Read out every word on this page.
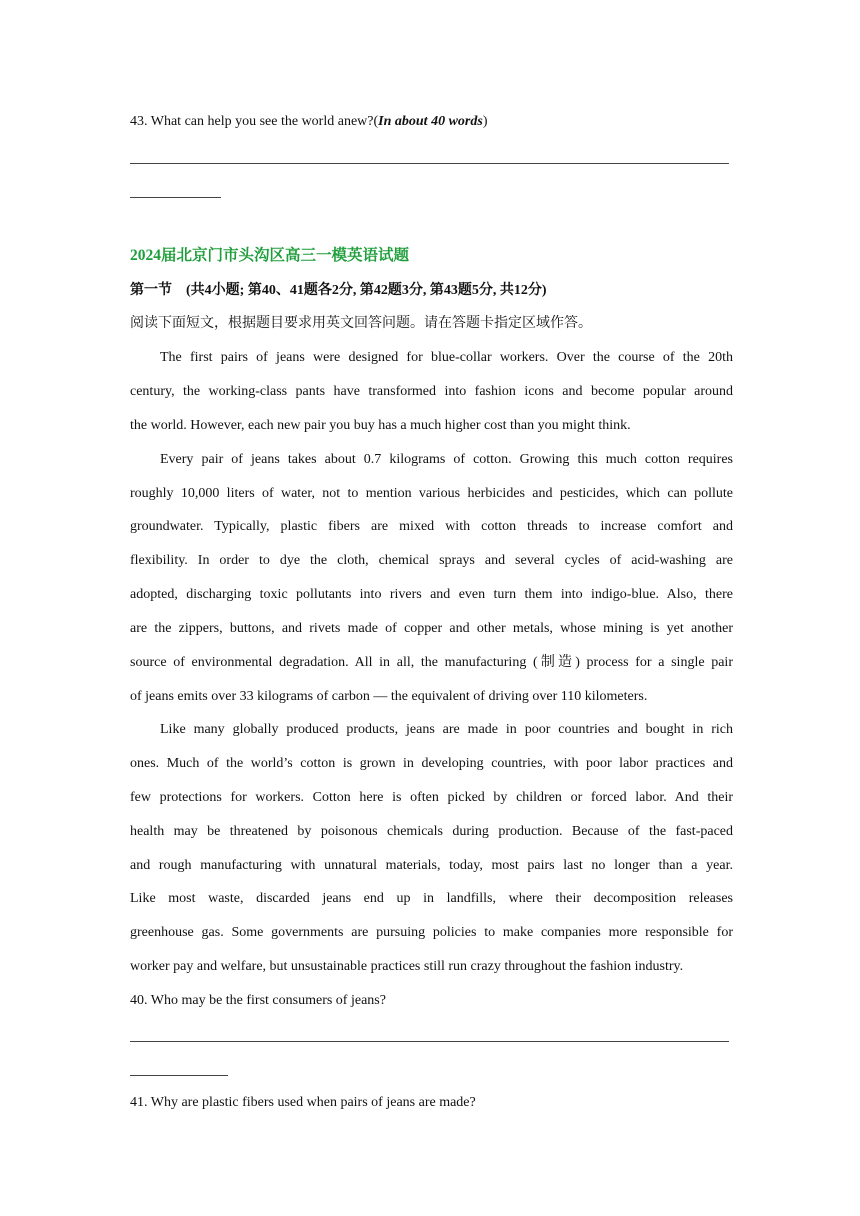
43. What can help you see the world anew?(In about 40 words)
2024届北京门市头沟区高三一模英语试题
第一节　(共4小题; 第40、41题各2分, 第42题3分, 第43题5分, 共12分)
阅读下面短文，根据题目要求用英文回答问题。请在答题卡指定区域作答。
The first pairs of jeans were designed for blue-collar workers. Over the course of the 20th
century, the working-class pants have transformed into fashion icons and become popular around
the world. However, each new pair you buy has a much higher cost than you might think.
Every pair of jeans takes about 0.7 kilograms of cotton. Growing this much cotton requires
roughly 10,000 liters of water, not to mention various herbicides and pesticides, which can pollute
groundwater. Typically, plastic fibers are mixed with cotton threads to increase comfort and
flexibility. In order to dye the cloth, chemical sprays and several cycles of acid-washing are
adopted, discharging toxic pollutants into rivers and even turn them into indigo-blue. Also, there
are the zippers, buttons, and rivets made of copper and other metals, whose mining is yet another
source of environmental degradation. All in all, the manufacturing (制造) process for a single pair
of jeans emits over 33 kilograms of carbon — the equivalent of driving over 110 kilometers.
Like many globally produced products, jeans are made in poor countries and bought in rich
ones. Much of the world’s cotton is grown in developing countries, with poor labor practices and
few protections for workers. Cotton here is often picked by children or forced labor. And their
health may be threatened by poisonous chemicals during production. Because of the fast-paced
and rough manufacturing with unnatural materials, today, most pairs last no longer than a year.
Like most waste, discarded jeans end up in landfills, where their decomposition releases
greenhouse gas. Some governments are pursuing policies to make companies more responsible for
worker pay and welfare, but unsustainable practices still run crazy throughout the fashion industry.
40. Who may be the first consumers of jeans?
41. Why are plastic fibers used when pairs of jeans are made?
